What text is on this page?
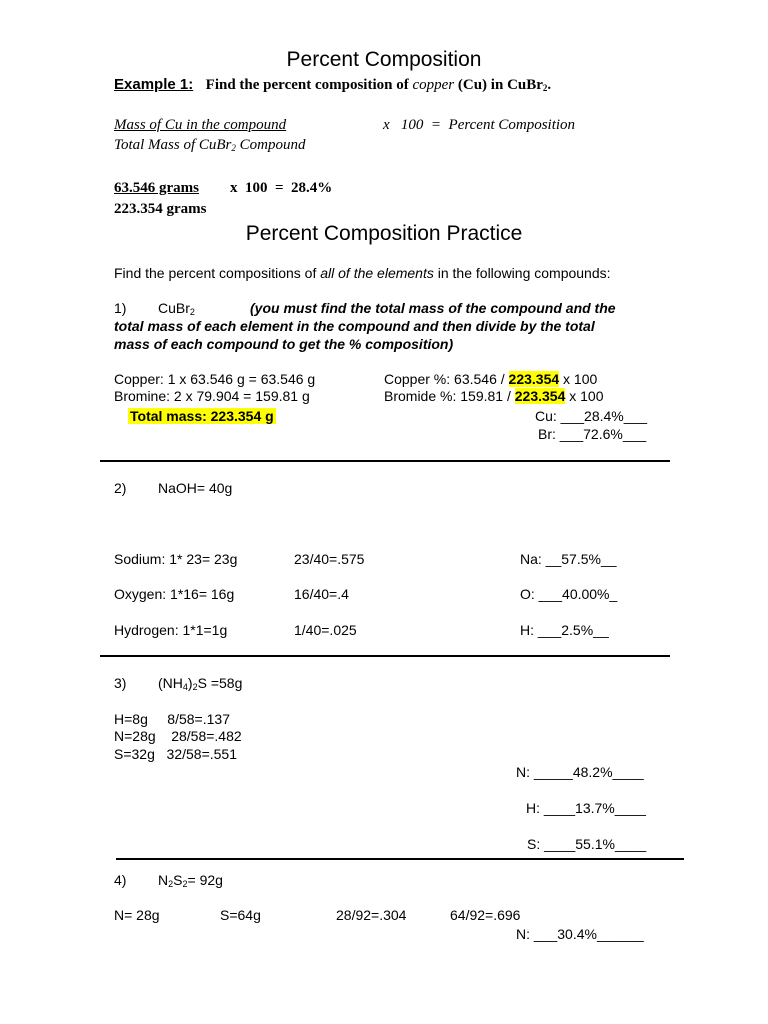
Percent Composition
Example 1: Find the percent composition of copper (Cu) in CuBr$_2$.
Mass of Cu in the compound	x   100  =  Percent Composition
Total Mass of CuBr$_2$ Compound
63.546 grams x  100  =  28.4%
223.354 grams
Percent Composition Practice
Find the percent compositions of all of the elements in the following compounds:
1) CuBr$_2$	(you must find the total mass of the compound and the
total mass of each element in the compound and then divide by the total
mass of each compound to get the % composition)
Copper: 1 x 63.546 g = 63.546 g
Bromine: 2 x 79.904 = 159.81 g
Total mass: 223.354 g
Copper %: 63.546 / 223.354 x 100
Bromide %: 159.81 / 223.354 x 100
Cu: ___28.4%___
Br: ___72.6%___
2) NaOH= 40g
Sodium: 1* 23= 23g	23/40=.575	Na: __57.5%__
Oxygen: 1*16= 16g	16/40=.4	O: ___40.00%_
Hydrogen: 1*1=1g	1/40=.025	H: ___2.5%__
3) $(NH_4)_2S =58g$
H=8g     8/58=.137
N=28g    28/58=.482
S=32g   32/58=.551
N: _____48.2%____
H: ____13.7%____
S: ____55.1%____
4) $N_2S_2= 92g$
N= 28g	S=64g	28/92=.304	64/92=.696
N: ___30.4%______
